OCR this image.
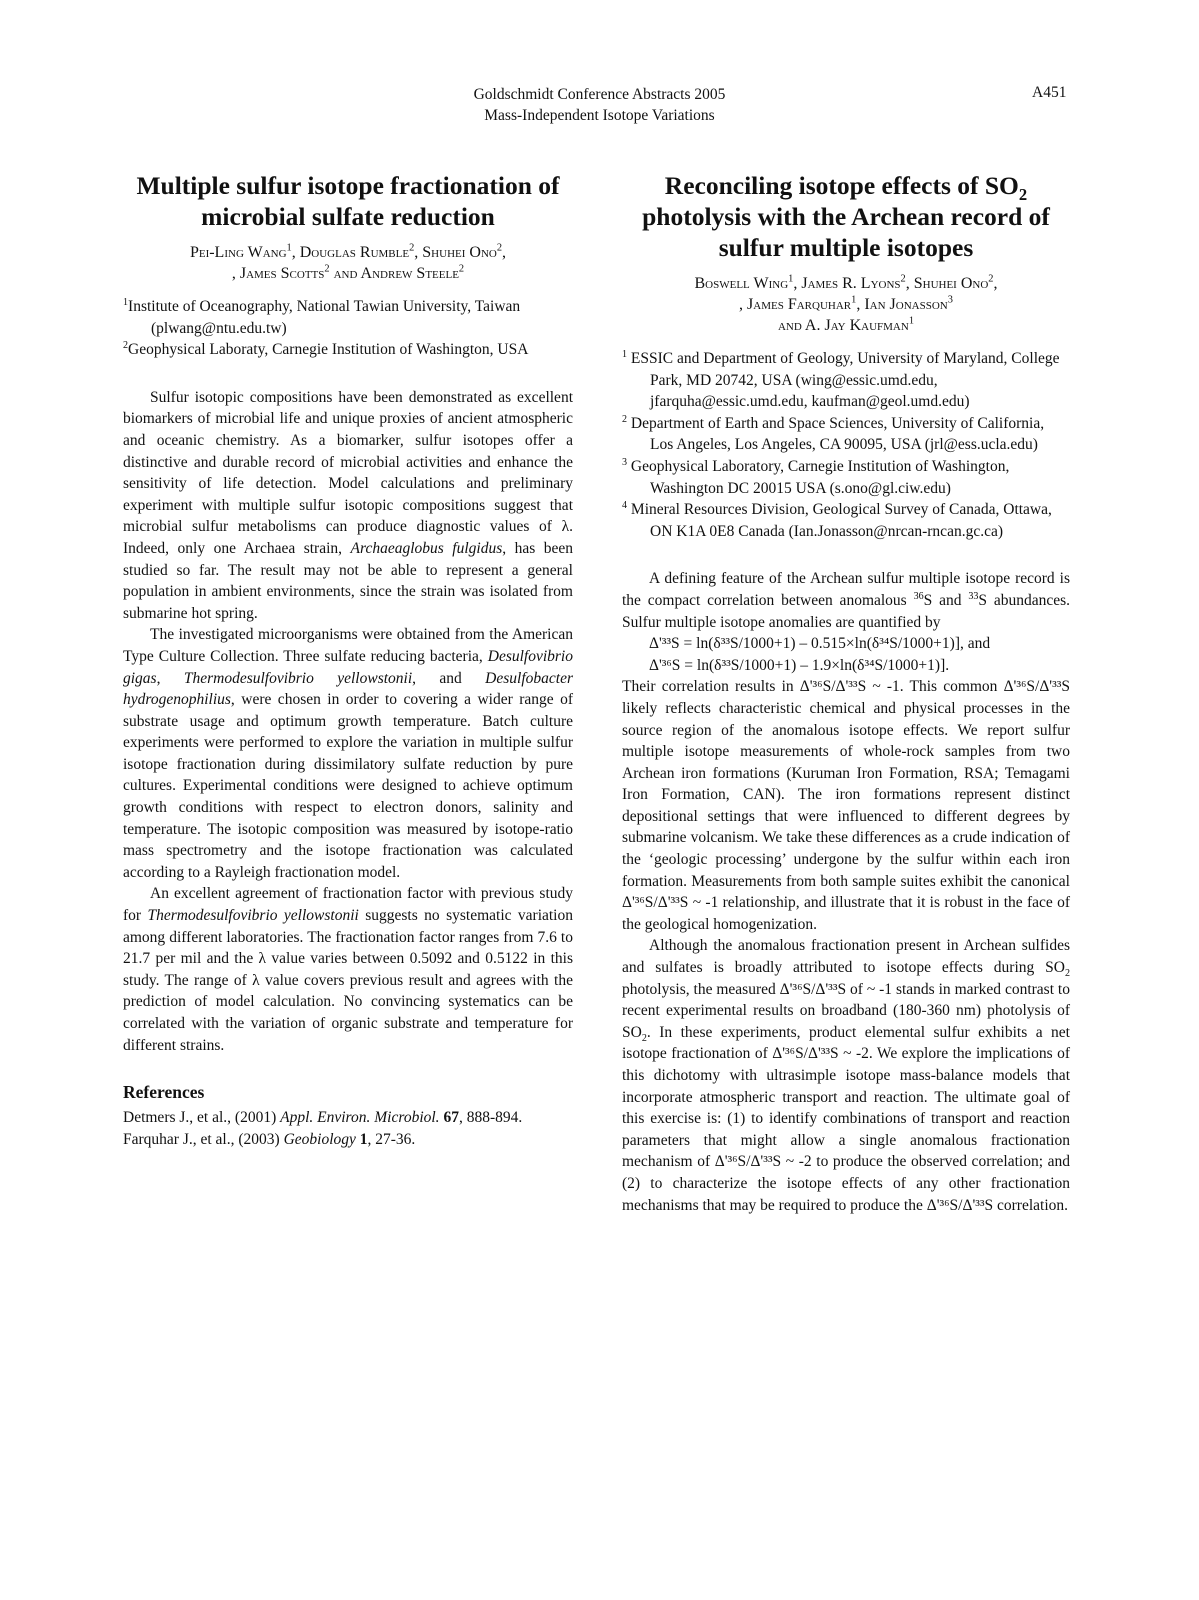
Goldschmidt Conference Abstracts 2005
Mass-Independent Isotope Variations
A451
Multiple sulfur isotope fractionation of microbial sulfate reduction
Pei-Ling Wang$^1$, Douglas Rumble$^2$, Shuhei Ono$^2$,
, James Scotts$^2$ and Andrew Steele$^2$

$^1$Institute of Oceanography, National Tawian University, Taiwan (plwang@ntu.edu.tw)

$^2$Geophysical Laboraty, Carnegie Institution of Washington, USA

Sulfur isotopic compositions have been demonstrated as excellent biomarkers of microbial life and unique proxies of ancient atmospheric and oceanic chemistry. As a biomarker, sulfur isotopes offer a distinctive and durable record of microbial activities and enhance the sensitivity of life detection. Model calculations and preliminary experiment with multiple sulfur isotopic compositions suggest that microbial sulfur metabolisms can produce diagnostic values of λ. Indeed, only one Archaea strain, Archaeaglobus fulgidus, has been studied so far. The result may not be able to represent a general population in ambient environments, since the strain was isolated from submarine hot spring.

The investigated microorganisms were obtained from the American Type Culture Collection. Three sulfate reducing bacteria, Desulfovibrio gigas, Thermodesulfovibrio yellowstonii, and Desulfobacter hydrogenophilius, were chosen in order to covering a wider range of substrate usage and optimum growth temperature. Batch culture experiments were performed to explore the variation in multiple sulfur isotope fractionation during dissimilatory sulfate reduction by pure cultures. Experimental conditions were designed to achieve optimum growth conditions with respect to electron donors, salinity and temperature. The isotopic composition was measured by isotope-ratio mass spectrometry and the isotope fractionation was calculated according to a Rayleigh fractionation model.

An excellent agreement of fractionation factor with previous study for Thermodesulfovibrio yellowstonii suggests no systematic variation among different laboratories. The fractionation factor ranges from 7.6 to 21.7 per mil and the λ value varies between 0.5092 and 0.5122 in this study. The range of λ value covers previous result and agrees with the prediction of model calculation. No convincing systematics can be correlated with the variation of organic substrate and temperature for different strains.

References

Detmers J., et al., (2001) Appl. Environ. Microbiol. 67, 888-894.

Farquhar J., et al., (2003) Geobiology 1, 27-36.

Reconciling isotope effects of $SO_2$ photolysis with the Archean record of sulfur multiple isotopes
Boswell Wing$^1$, James R. Lyons$^2$, Shuhei Ono$^2$,
, James Farquhar$^1$, Ian Jonasson$^3$
and A. Jay Kaufman$^1$

$^1$ ESSIC and Department of Geology, University of Maryland, College Park, MD 20742, USA (wing@essic.umd.edu, jfarquha@essic.umd.edu, kaufman@geol.umd.edu)

$^2$ Department of Earth and Space Sciences, University of California, Los Angeles, Los Angeles, CA 90095, USA (jrl@ess.ucla.edu)

$^3$ Geophysical Laboratory, Carnegie Institution of Washington, Washington DC 20015 USA (s.ono@gl.ciw.edu)

$^4$ Mineral Resources Division, Geological Survey of Canada, Ottawa, ON K1A 0E8 Canada (Ian.Jonasson@nrcan-rncan.gc.ca)

A defining feature of the Archean sulfur multiple isotope record is the compact correlation between anomalous $^{36}$S and $^{33}$S abundances. Sulfur multiple isotope anomalies are quantified by

Δ'³³S = ln(δ³³S/1000+1) – 0.515×ln(δ³⁴S/1000+1)], and

Δ'³⁶S = ln(δ³³S/1000+1) – 1.9×ln(δ³⁴S/1000+1)].

Their correlation results in Δ'³⁶S/Δ'³³S ~ -1. This common Δ'³⁶S/Δ'³³S likely reflects characteristic chemical and physical processes in the source region of the anomalous isotope effects. We report sulfur multiple isotope measurements of whole-rock samples from two Archean iron formations (Kuruman Iron Formation, RSA; Temagami Iron Formation, CAN). The iron formations represent distinct depositional settings that were influenced to different degrees by submarine volcanism. We take these differences as a crude indication of the ‘geologic processing’ undergone by the sulfur within each iron formation. Measurements from both sample suites exhibit the canonical Δ'³⁶S/Δ'³³S ~ -1 relationship, and illustrate that it is robust in the face of the geological homogenization.

Although the anomalous fractionation present in Archean sulfides and sulfates is broadly attributed to isotope effects during $SO_2$ photolysis, the measured Δ'³⁶S/Δ'³³S of ~ -1 stands in marked contrast to recent experimental results on broadband (180-360 nm) photolysis of $SO_2$. In these experiments, product elemental sulfur exhibits a net isotope fractionation of Δ'³⁶S/Δ'³³S ~ -2. We explore the implications of this dichotomy with ultrasimple isotope mass-balance models that incorporate atmospheric transport and reaction. The ultimate goal of this exercise is: (1) to identify combinations of transport and reaction parameters that might allow a single anomalous fractionation mechanism of Δ'³⁶S/Δ'³³S ~ -2 to produce the observed correlation; and (2) to characterize the isotope effects of any other fractionation mechanisms that may be required to produce the Δ'³⁶S/Δ'³³S correlation.
